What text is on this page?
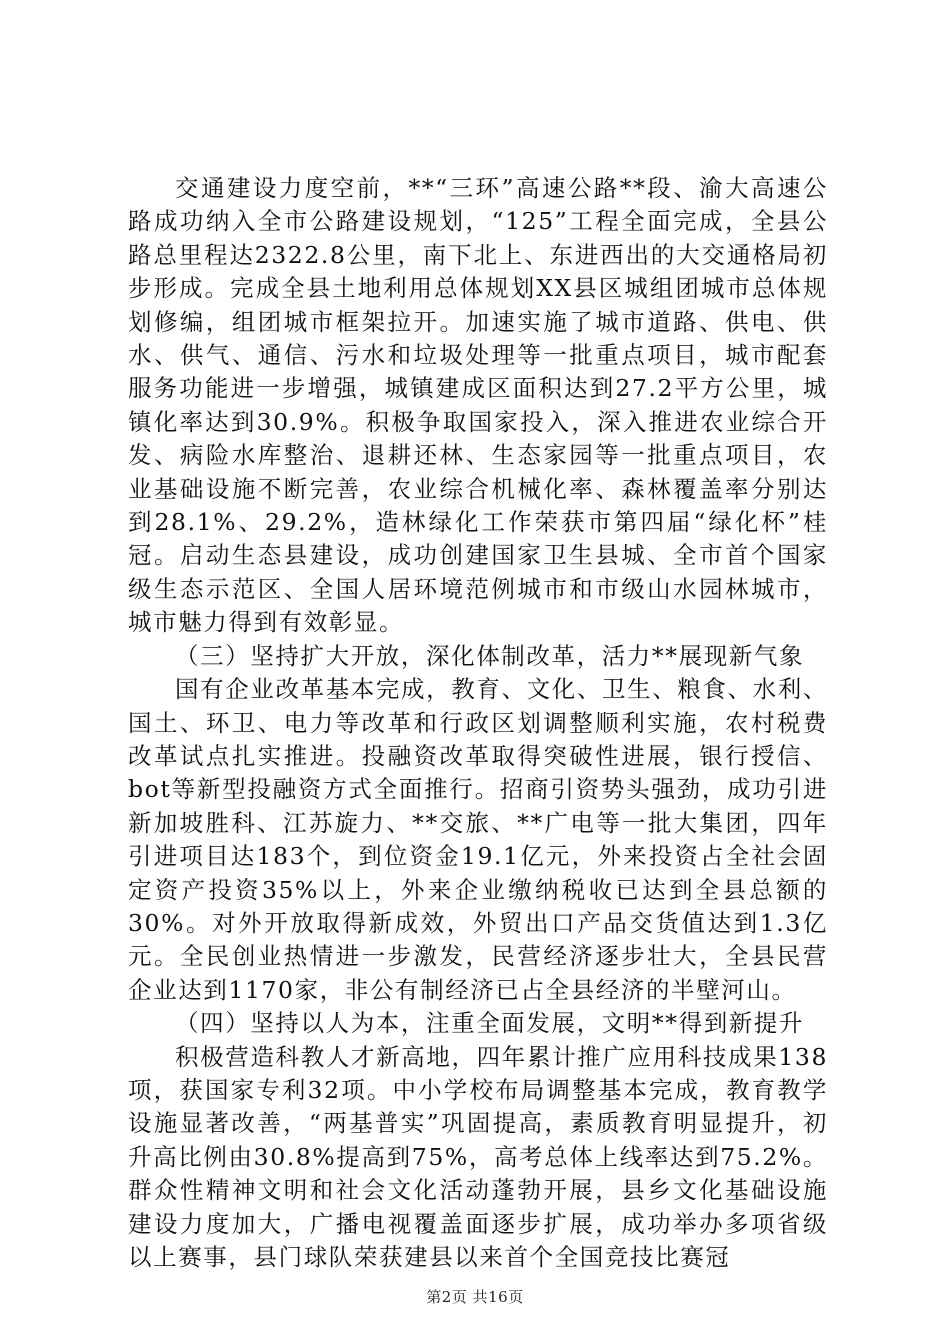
交通建设力度空前，**“三环”高速公路**段、渝大高速公路成功纳入全市公路建设规划，“125”工程全面完成，全县公路总里程达2322.8公里，南下北上、东进西出的大交通格局初步形成。完成全县土地利用总体规划XX县区城组团城市总体规划修编，组团城市框架拉开。加速实施了城市道路、供电、供水、供气、通信、污水和垃圾处理等一批重点项目，城市配套服务功能进一步增强，城镇建成区面积达到27.2平方公里，城镇化率达到30.9%。积极争取国家投入，深入推进农业综合开发、病险水库整治、退耕还林、生态家园等一批重点项目，农业基础设施不断完善，农业综合机械化率、森林覆盖率分别达到28.1%、29.2%，造林绿化工作荣获市第四届“绿化杯”桂冠。启动生态县建设，成功创建国家卫生县城、全市首个国家级生态示范区、全国人居环境范例城市和市级山水园林城市，城市魅力得到有效彰显。

（三）坚持扩大开放，深化体制改革，活力**展现新气象

国有企业改革基本完成，教育、文化、卫生、粮食、水利、国土、环卫、电力等改革和行政区划调整顺利实施，农村税费改革试点扎实推进。投融资改革取得突破性进展，银行授信、bot等新型投融资方式全面推行。招商引资势头强劲，成功引进新加坡胜科、江苏旋力、**交旅、**广电等一批大集团，四年引进项目达183个，到位资金19.1亿元，外来投资占全社会固定资产投资35%以上，外来企业缴纳税收已达到全县总额的30%。对外开放取得新成效，外贸出口产品交货值达到1.3亿元。全民创业热情进一步激发，民营经济逐步壮大，全县民营企业达到1170家，非公有制经济已占全县经济的半壁河山。

（四）坚持以人为本，注重全面发展，文明**得到新提升

积极营造科教人才新高地，四年累计推广应用科技成果138项，获国家专利32项。中小学校布局调整基本完成，教育教学设施显著改善，“两基普实”巩固提高，素质教育明显提升，初升高比例由30.8%提高到75%，高考总体上线率达到75.2%。群众性精神文明和社会文化活动蓬勃开展，县乡文化基础设施建设力度加大，广播电视覆盖面逐步扩展，成功举办多项省级以上赛事，县门球队荣获建县以来首个全国竞技比赛冠

第2页 共16页
